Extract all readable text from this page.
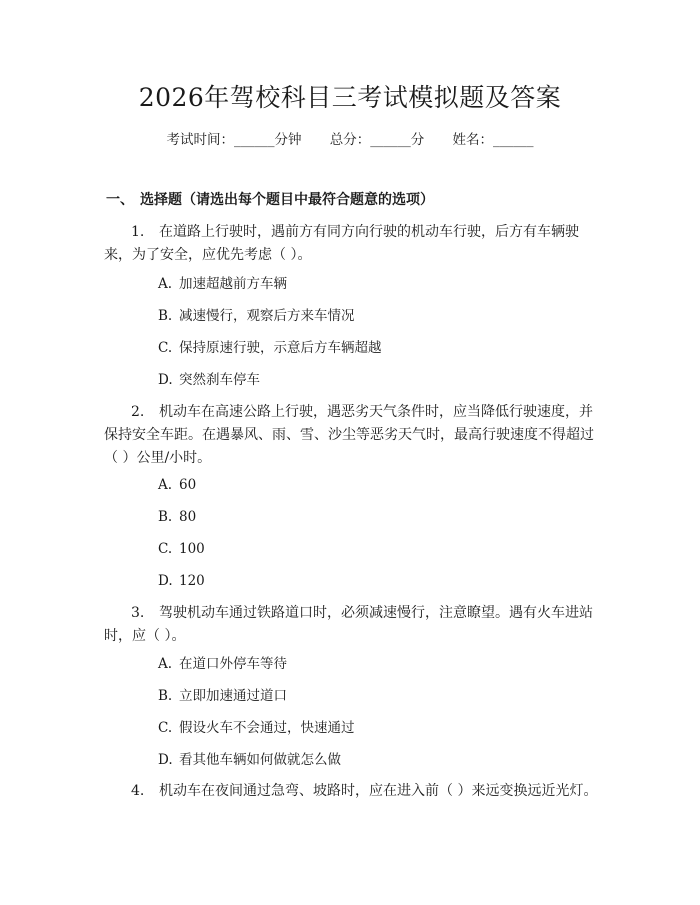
2026年驾校科目三考试模拟题及答案
考试时间：______分钟 总分：______分 姓名：______
一、 选择题（请选出每个题目中最符合题意的选项）
1. 在道路上行驶时，遇前方有同方向行驶的机动车行驶，后方有车辆驶来，为了安全，应优先考虑（ ）。
A. 加速超越前方车辆
B. 减速慢行，观察后方来车情况
C. 保持原速行驶，示意后方车辆超越
D. 突然刹车停车
2. 机动车在高速公路上行驶，遇恶劣天气条件时，应当降低行驶速度，并保持安全车距。在遇暴风、雨、雪、沙尘等恶劣天气时，最高行驶速度不得超过（ ）公里/小时。
A. 60
B. 80
C. 100
D. 120
3. 驾驶机动车通过铁路道口时，必须减速慢行，注意瞭望。遇有火车进站时，应（ ）。
A. 在道口外停车等待
B. 立即加速通过道口
C. 假设火车不会通过，快速通过
D. 看其他车辆如何做就怎么做
4. 机动车在夜间通过急弯、坡路时，应在进入前（ ）来远变换远近光灯。
